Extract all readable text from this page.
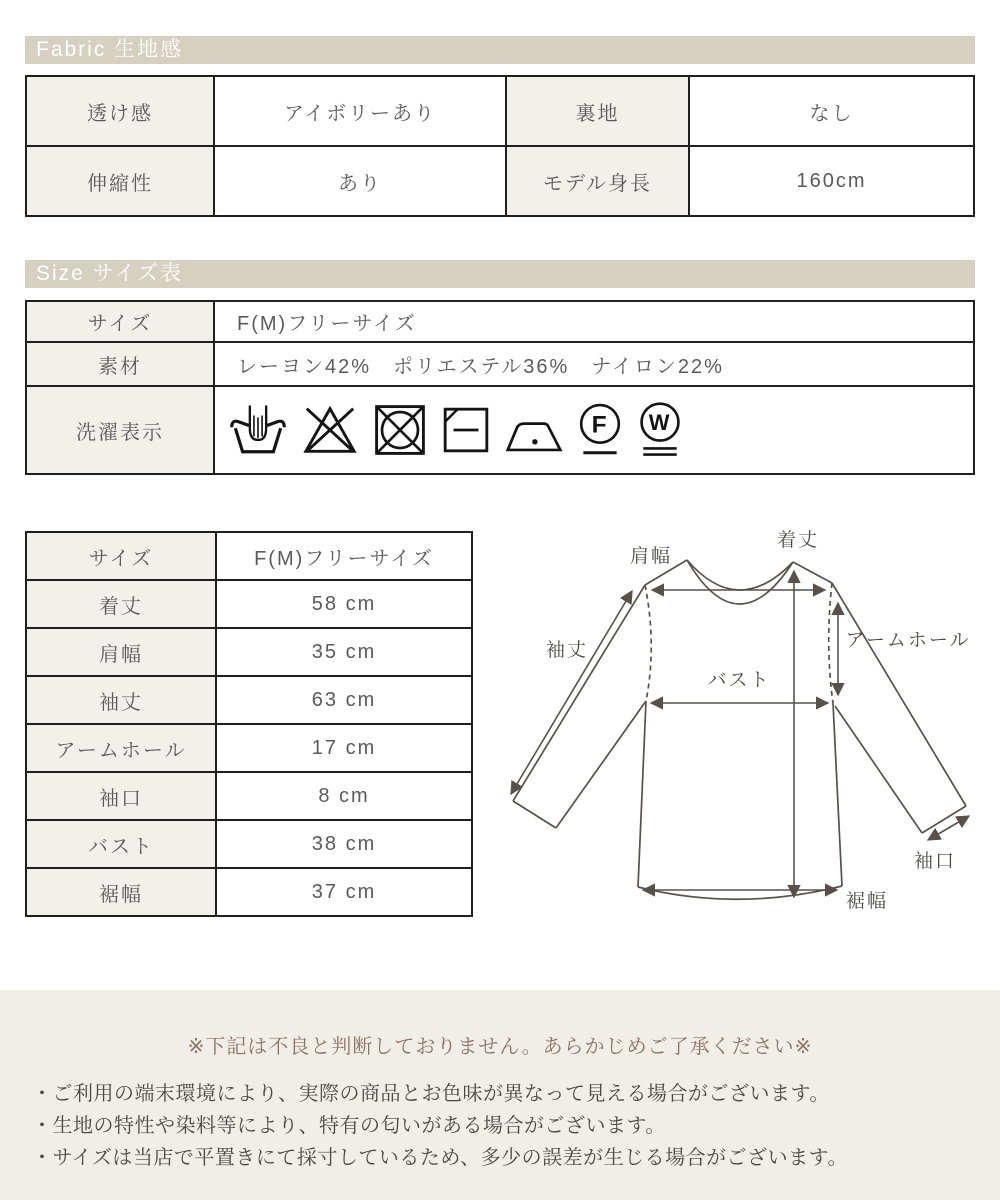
Fabric 生地感
透け感	アイボリーあり	裏地	なし
伸縮性	あり	モデル身長	160cm
Size サイズ表
サイズ	F(M)フリーサイズ
素材	レーヨン42%　ポリエステル36%　ナイロン22%
洗濯表示	F W
サイズ	F(M)フリーサイズ
着丈	58 cm
肩幅	35 cm
袖丈	63 cm
アームホール	17 cm
袖口	8 cm
バスト	38 cm
裾幅	37 cm
着丈
肩幅
袖丈	アームホール
バスト
袖口
裾幅
※下記は不良と判断しておりません。あらかじめご了承ください※
・ご利用の端末環境により、実際の商品とお色味が異なって見える場合がございます。
・生地の特性や染料等により、特有の匂いがある場合がございます。
・サイズは当店で平置きにて採寸しているため、多少の誤差が生じる場合がございます。
